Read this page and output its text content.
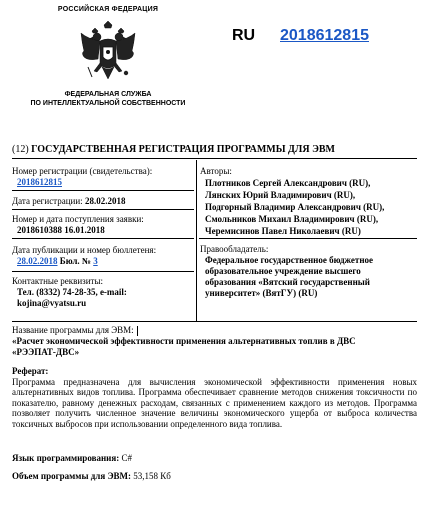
РОССИЙСКАЯ ФЕДЕРАЦИЯ
ФЕДЕРАЛЬНАЯ СЛУЖБА
ПО ИНТЕЛЛЕКТУАЛЬНОЙ СОБСТВЕННОСТИ
RU 2018612815
(12) ГОСУДАРСТВЕННАЯ РЕГИСТРАЦИЯ ПРОГРАММЫ ДЛЯ ЭВМ
Номер регистрации (свидетельства):
2018612815
Дата регистрации: 28.02.2018
Номер и дата поступления заявки:
2018610388 16.01.2018
Дата публикации и номер бюллетеня:
28.02.2018 Бюл. № 3
Контактные реквизиты:
Тел. (8332) 74-28-35, e-mail:
kojina@vyatsu.ru
Авторы:
Плотников Сергей Александрович (RU),
Лянских Юрий Владимирович (RU),
Подгорный Владимир Александрович (RU),
Смольников Михаил Владимирович (RU),
Черемисинов Павел Николаевич (RU)
Правообладатель:
Федеральное государственное бюджетное
образовательное учреждение высшего
образования «Вятский государственный
университет» (ВятГУ) (RU)
Название программы для ЭВМ:
«Расчет экономической эффективности применения альтернативных топлив в ДВС
«РЭЭПАТ-ДВС»
Реферат:

Программа предназначена для вычисления экономической эффективности применения новых альтернативных видов топлива. Программа обеспечивает сравнение методов снижения токсичности по показателю, равному денежных расходам, связанных с применением каждого из методов. Программа позволяет получить численное значение величины экономического ущерба от выброса количества токсичных выбросов при использовании определенного вида топлива.

Язык программирования: C#
Объем программы для ЭВМ: 53,158 Кб
